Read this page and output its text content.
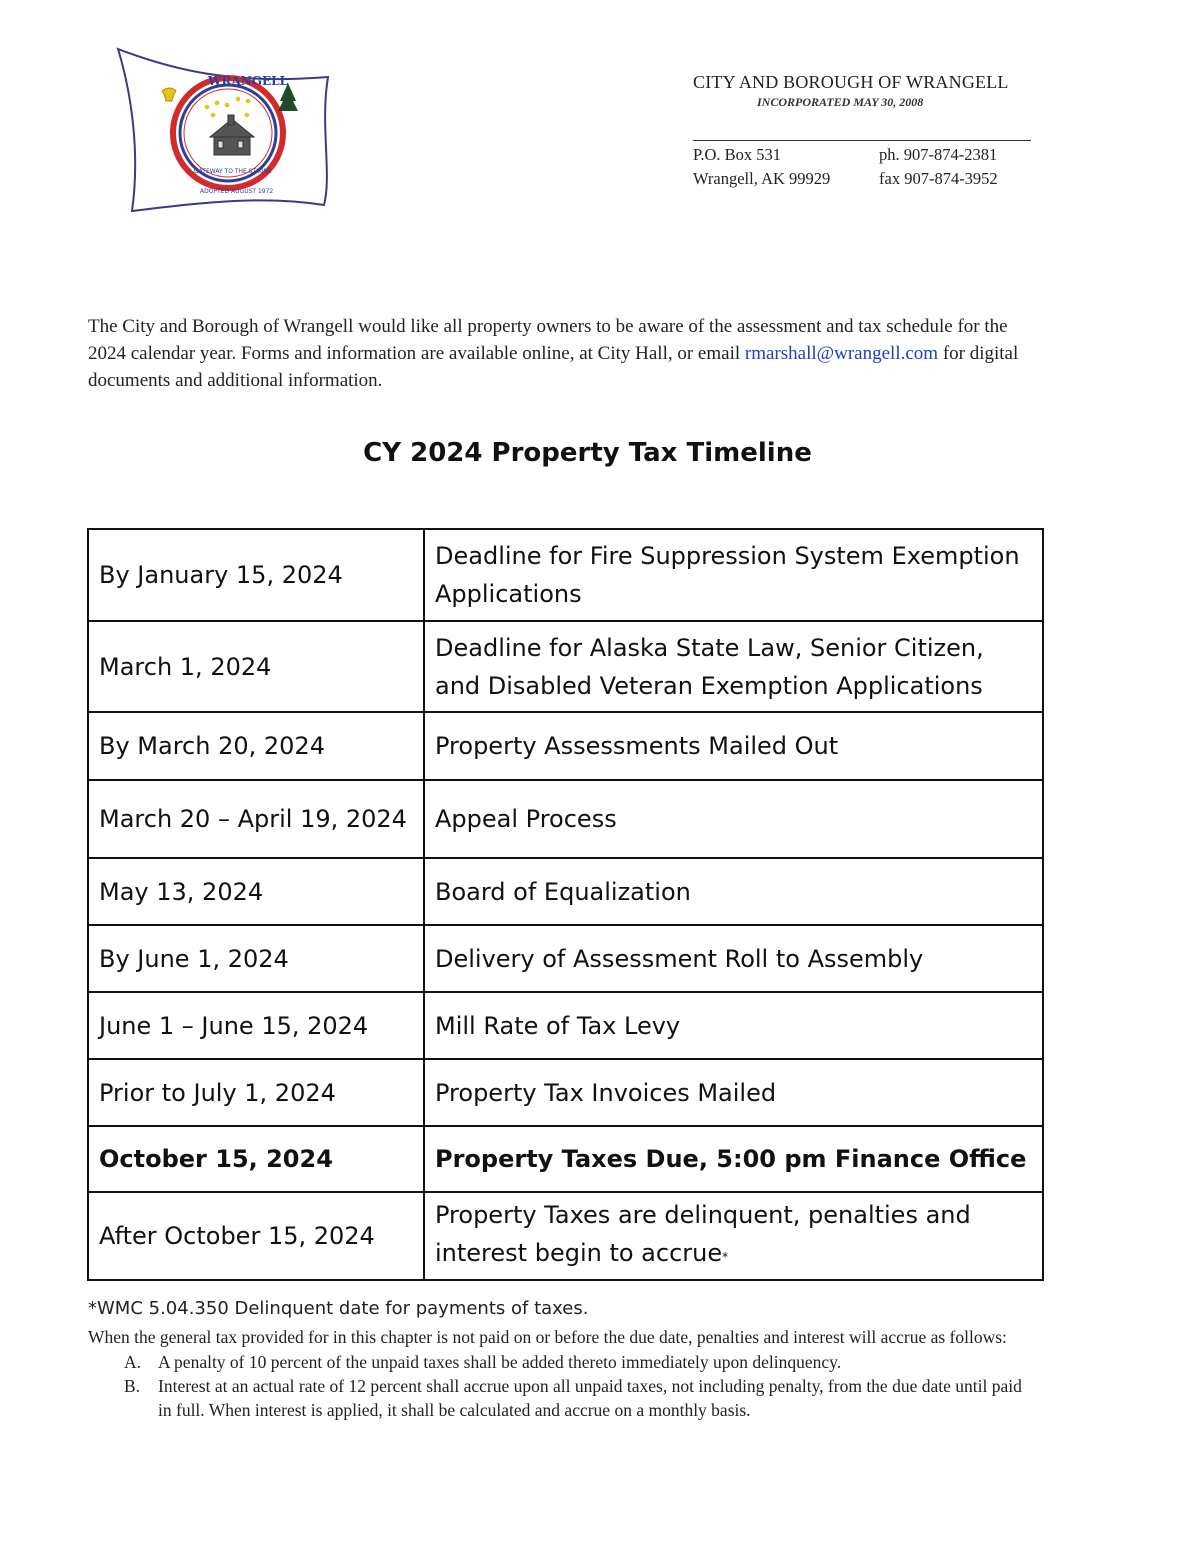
WRANGELL
ADOPTED AUGUST 1972
GATEWAY TO THE STIKINE
CITY AND BOROUGH OF WRANGELL
INCORPORATED MAY 30, 2008
P.O. Box 531	ph. 907-874-2381
Wrangell, AK 99929	fax 907-874-3952

The City and Borough of Wrangell would like all property owners to be aware of the assessment and tax schedule for the 2024 calendar year. Forms and information are available online, at City Hall, or email rmarshall@wrangell.com for digital documents and additional information.

CY 2024 Property Tax Timeline
By January 15, 2024	Deadline for Fire Suppression System Exemption Applications
March 1, 2024	Deadline for Alaska State Law, Senior Citizen, and Disabled Veteran Exemption Applications
By March 20, 2024	Property Assessments Mailed Out
March 20 – April 19, 2024	Appeal Process
May 13, 2024	Board of Equalization
By June 1, 2024	Delivery of Assessment Roll to Assembly
June 1 – June 15, 2024	Mill Rate of Tax Levy
Prior to July 1, 2024	Property Tax Invoices Mailed
October 15, 2024	Property Taxes Due, 5:00 pm Finance Office
After October 15, 2024	Property Taxes are delinquent, penalties and interest begin to accrue*
*WMC 5.04.350 Delinquent date for payments of taxes.
When the general tax provided for in this chapter is not paid on or before the due date, penalties and interest will accrue as follows:
A. A penalty of 10 percent of the unpaid taxes shall be added thereto immediately upon delinquency.
B.	Interest at an actual rate of 12 percent shall accrue upon all unpaid taxes, not including penalty, from the due date until paid in full. When interest is applied, it shall be calculated and accrue on a monthly basis.
